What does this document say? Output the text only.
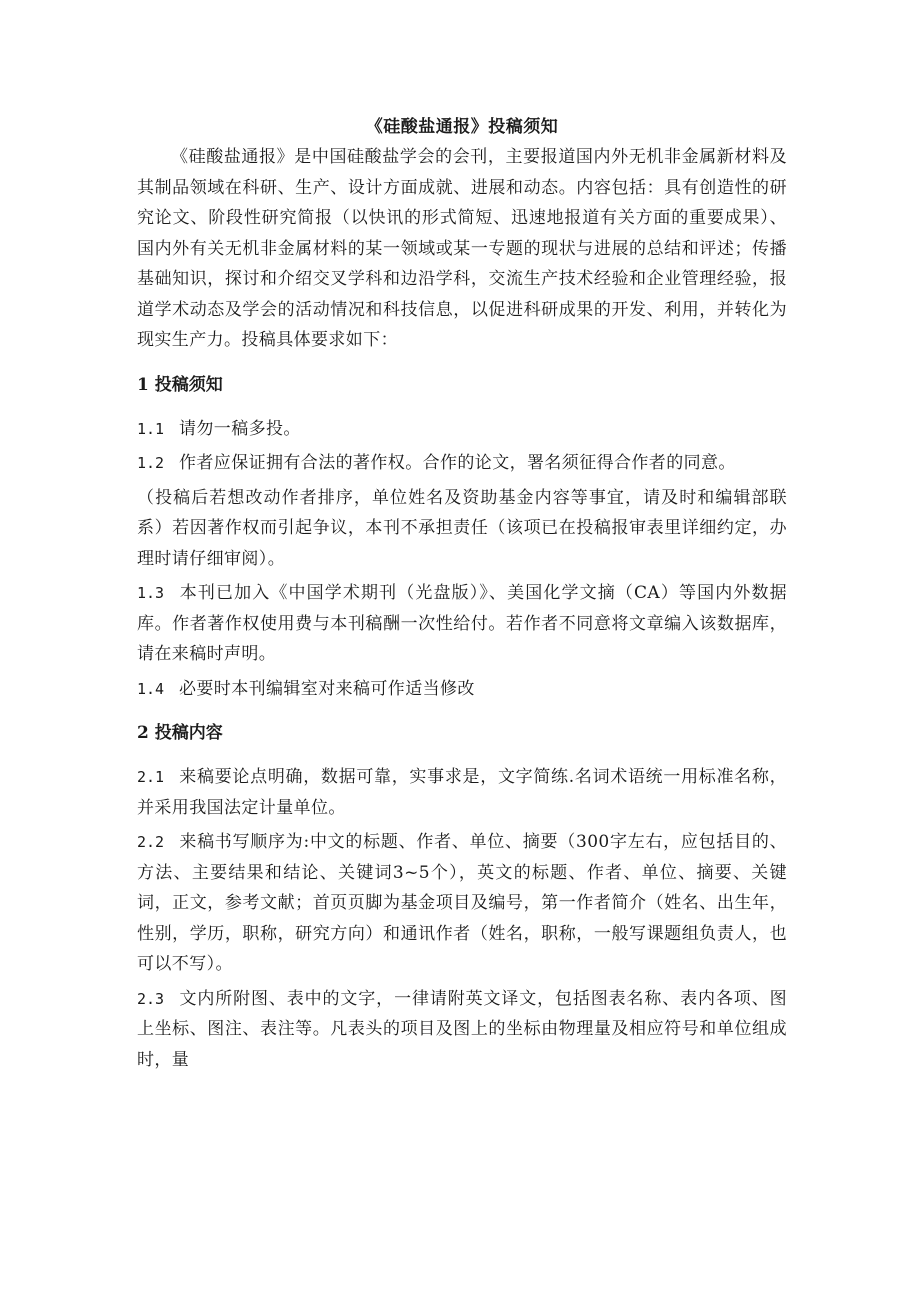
《硅酸盐通报》投稿须知

《硅酸盐通报》是中国硅酸盐学会的会刊，主要报道国内外无机非金属新材料及其制品领域在科研、生产、设计方面成就、进展和动态。内容包括：具有创造性的研究论文、阶段性研究简报（以快讯的形式简短、迅速地报道有关方面的重要成果）、国内外有关无机非金属材料的某一领域或某一专题的现状与进展的总结和评述；传播基础知识，探讨和介绍交叉学科和边沿学科，交流生产技术经验和企业管理经验，报道学术动态及学会的活动情况和科技信息，以促进科研成果的开发、利用，并转化为现实生产力。投稿具体要求如下：

1 投稿须知

1.1 请勿一稿多投。

1.2 作者应保证拥有合法的著作权。合作的论文，署名须征得合作者的同意。

（投稿后若想改动作者排序，单位姓名及资助基金内容等事宜，请及时和编辑部联系）若因著作权而引起争议，本刊不承担责任（该项已在投稿报审表里详细约定，办理时请仔细审阅）。

1.3 本刊已加入《中国学术期刊（光盘版）》、美国化学文摘（CA）等国内外数据库。作者著作权使用费与本刊稿酬一次性给付。若作者不同意将文章编入该数据库，请在来稿时声明。

1.4 必要时本刊编辑室对来稿可作适当修改

2 投稿内容

2.1 来稿要论点明确，数据可靠，实事求是，文字简练.名词术语统一用标准名称，并采用我国法定计量单位。

2.2 来稿书写顺序为:中文的标题、作者、单位、摘要（300字左右，应包括目的、方法、主要结果和结论、关键词3~5个），英文的标题、作者、单位、摘要、关键词，正文，参考文献；首页页脚为基金项目及编号，第一作者简介（姓名、出生年，性别，学历，职称，研究方向）和通讯作者（姓名，职称，一般写课题组负责人，也可以不写）。

2.3 文内所附图、表中的文字，一律请附英文译文，包括图表名称、表内各项、图上坐标、图注、表注等。凡表头的项目及图上的坐标由物理量及相应符号和单位组成时，量
